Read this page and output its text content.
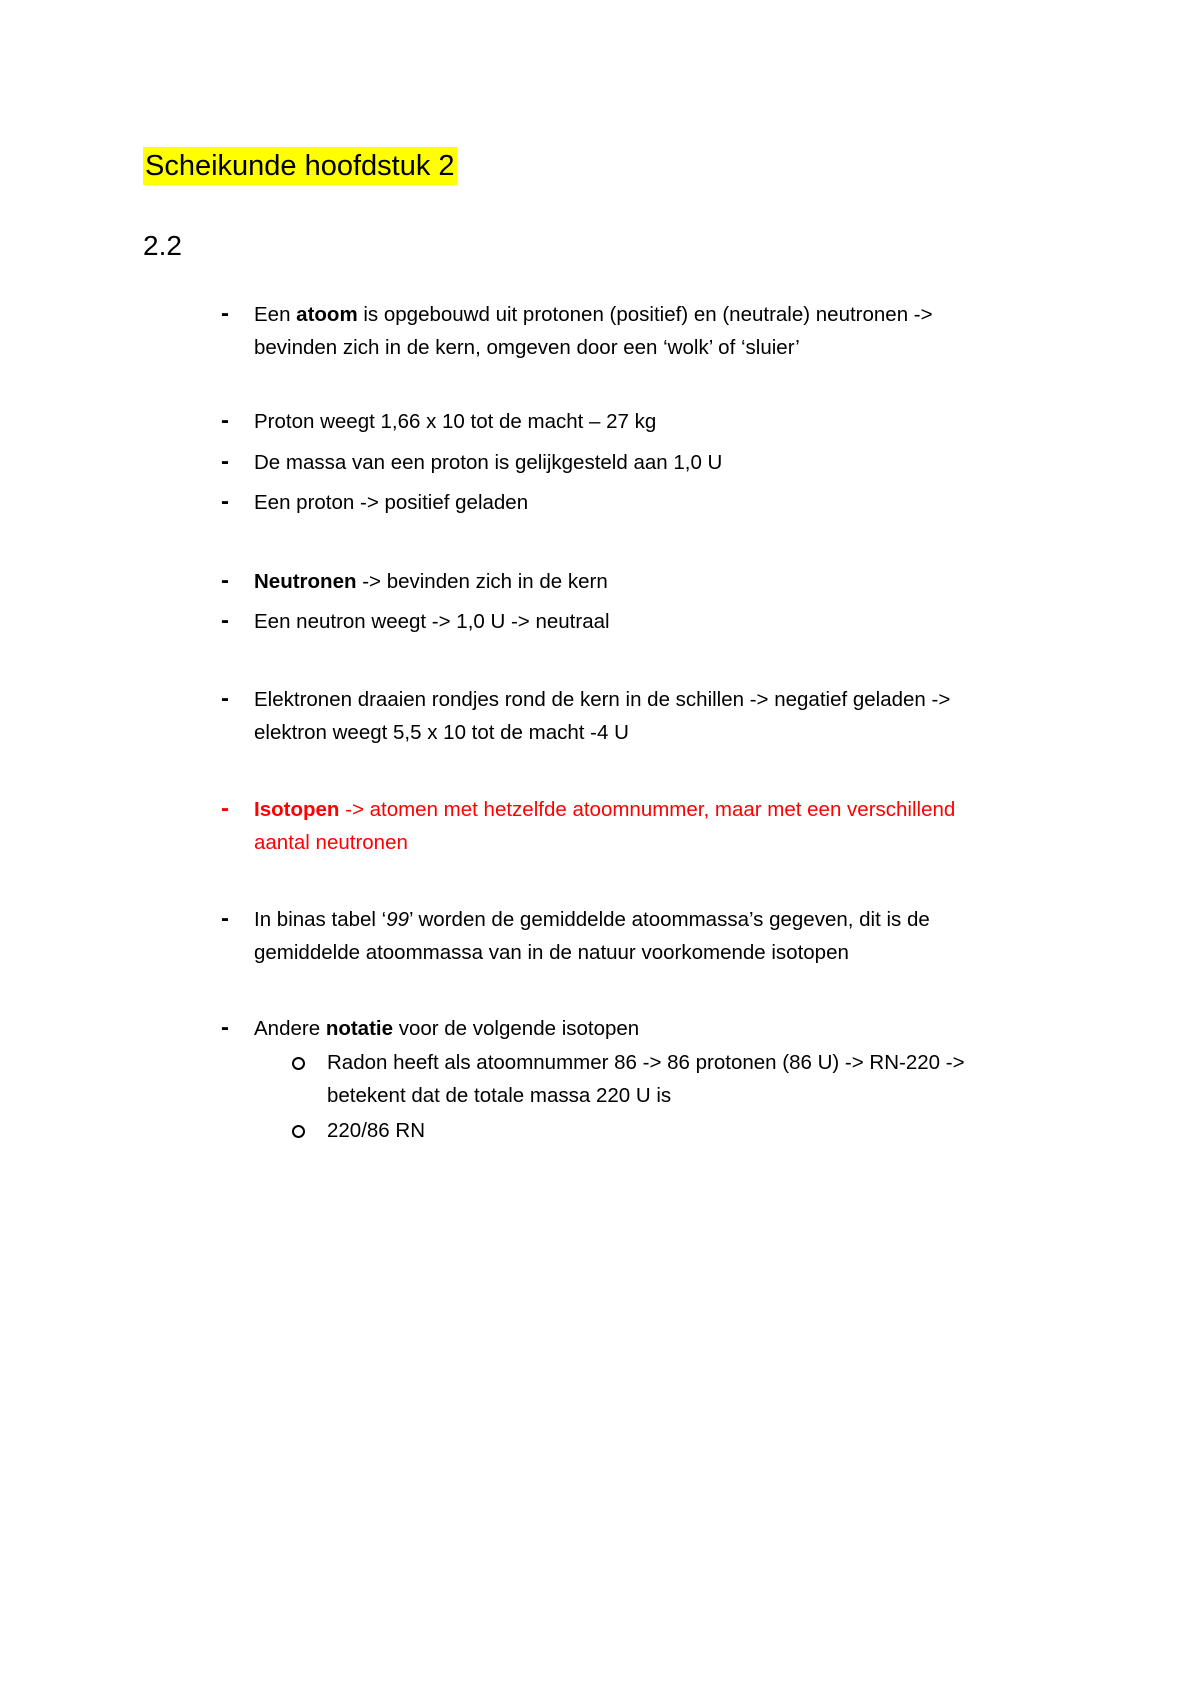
Scheikunde hoofdstuk 2
2.2
- Een atoom is opgebouwd uit protonen (positief) en (neutrale) neutronen ->
bevinden zich in de kern, omgeven door een ‘wolk’ of ‘sluier’
- Proton weegt 1,66 x 10 tot de macht – 27 kg
- De massa van een proton is gelijkgesteld aan 1,0 U
- Een proton -> positief geladen
- Neutronen -> bevinden zich in de kern
- Een neutron weegt -> 1,0 U -> neutraal
- Elektronen draaien rondjes rond de kern in de schillen -> negatief geladen ->
elektron weegt 5,5 x 10 tot de macht -4 U
- Isotopen -> atomen met hetzelfde atoomnummer, maar met een verschillend
aantal neutronen
- In binas tabel ‘99’ worden de gemiddelde atoommassa’s gegeven, dit is de
gemiddelde atoommassa van in de natuur voorkomende isotopen
- Andere notatie voor de volgende isotopen
Radon heeft als atoomnummer 86 -> 86 protonen (86 U) -> RN-220 ->
betekent dat de totale massa 220 U is
220/86 RN
